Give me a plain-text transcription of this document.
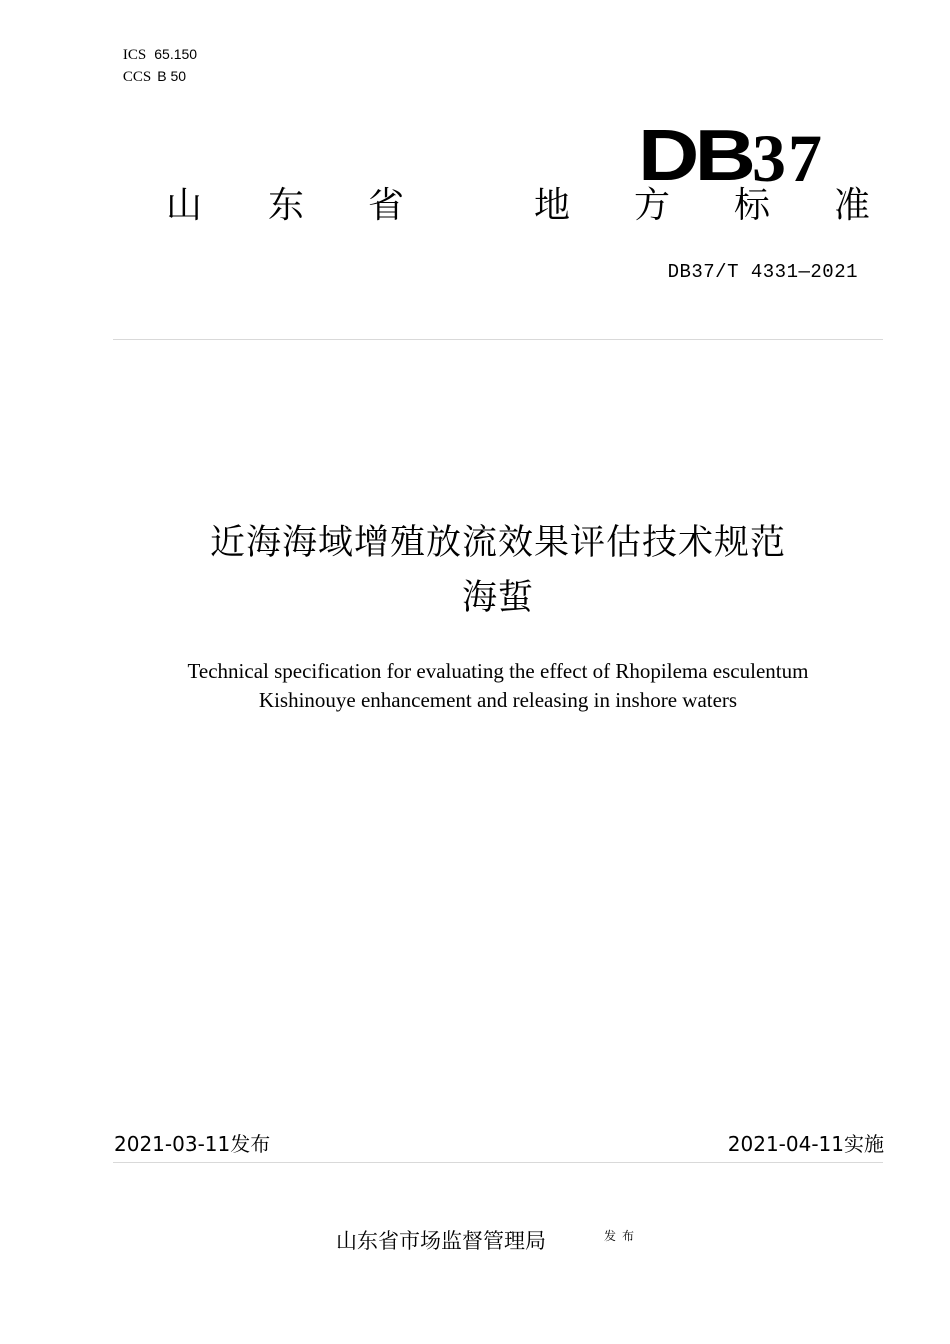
ICS 65.150

CCS B 50

DB 37
山 东 省	地 方 标 准
DB37/T 4331—2021
近海海域增殖放流效果评估技术规范
海蜇
Technical specification for evaluating the effect of Rhopilema esculentum
Kishinouye enhancement and releasing in inshore waters
2021-03-11发布	2021-04-11实施
山东省市场监督管理局	发布
